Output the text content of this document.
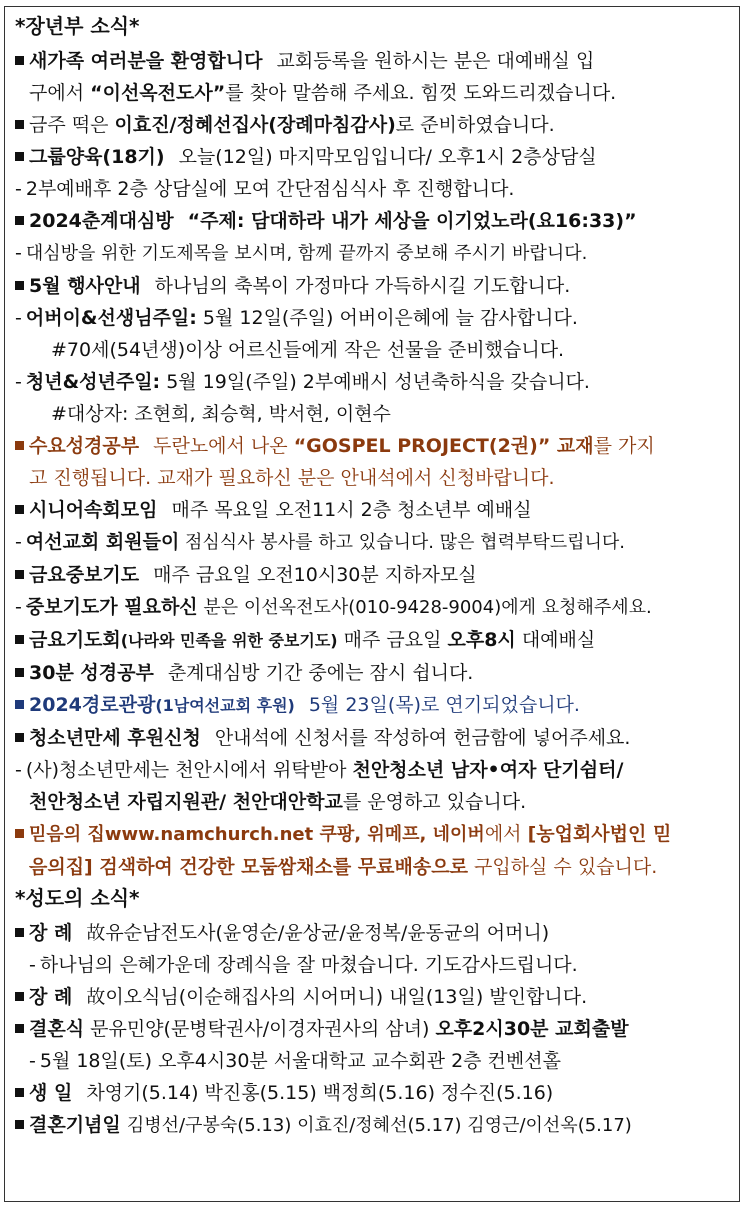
*장년부 소식*
새가족 여러분을 환영합니다 교회등록을 원하시는 분은 대예배실 입
구에서 “이선옥전도사”를 찾아 말씀해 주세요. 힘껏 도와드리겠습니다.
금주 떡은 이효진/정혜선집사(장례마침감사)로 준비하였습니다.
그룹양육(18기) 오늘(12일) 마지막모임입니다/ 오후1시 2층상담실
- 2부예배후 2층 상담실에 모여 간단점심식사 후 진행합니다.
2024춘계대심방 “주제: 담대하라 내가 세상을 이기었노라(요16:33)”
- 대심방을 위한 기도제목을 보시며, 함께 끝까지 중보해 주시기 바랍니다.
5월 행사안내 하나님의 축복이 가정마다 가득하시길 기도합니다.
- 어버이&선생님주일: 5월 12일(주일) 어버이은혜에 늘 감사합니다.
#70세(54년생)이상 어르신들에게 작은 선물을 준비했습니다.
- 청년&성년주일: 5월 19일(주일) 2부예배시 성년축하식을 갖습니다.
#대상자: 조현희, 최승혁, 박서현, 이현수
수요성경공부 두란노에서 나온 “GOSPEL PROJECT(2권)” 교재를 가지
고 진행됩니다. 교재가 필요하신 분은 안내석에서 신청바랍니다.
시니어속회모임 매주 목요일 오전11시 2층 청소년부 예배실
- 여선교회 회원들이 점심식사 봉사를 하고 있습니다. 많은 협력부탁드립니다.
금요중보기도 매주 금요일 오전10시30분 지하자모실
- 중보기도가 필요하신 분은 이선옥전도사(010-9428-9004)에게 요청해주세요.
금요기도회(나라와 민족을 위한 중보기도) 매주 금요일 오후8시 대예배실
30분 성경공부 춘계대심방 기간 중에는 잠시 쉽니다.
2024경로관광(1남여선교회 후원) 5월 23일(목)로 연기되었습니다.
청소년만세 후원신청 안내석에 신청서를 작성하여 헌금함에 넣어주세요.
- (사)청소년만세는 천안시에서 위탁받아 천안청소년 남자•여자 단기쉼터/
천안청소년 자립지원관/ 천안대안학교를 운영하고 있습니다.
믿음의 집www.namchurch.net 쿠팡, 위메프, 네이버에서 [농업회사법인 믿
음의집] 검색하여 건강한 모둠쌈채소를 무료배송으로 구입하실 수 있습니다.
*성도의 소식*
장 례 故유순남전도사(윤영순/윤상균/윤정복/윤동균의 어머니)
- 하나님의 은혜가운데 장례식을 잘 마쳤습니다. 기도감사드립니다.
장 례 故이오식님(이순해집사의 시어머니) 내일(13일) 발인합니다.
결혼식 문유민양(문병탁권사/이경자권사의 삼녀) 오후2시30분 교회출발
- 5월 18일(토) 오후4시30분 서울대학교 교수회관 2층 컨벤션홀
생 일 차영기(5.14) 박진홍(5.15) 백정희(5.16) 정수진(5.16)
결혼기념일 김병선/구봉숙(5.13) 이효진/정혜선(5.17) 김영근/이선옥(5.17)
